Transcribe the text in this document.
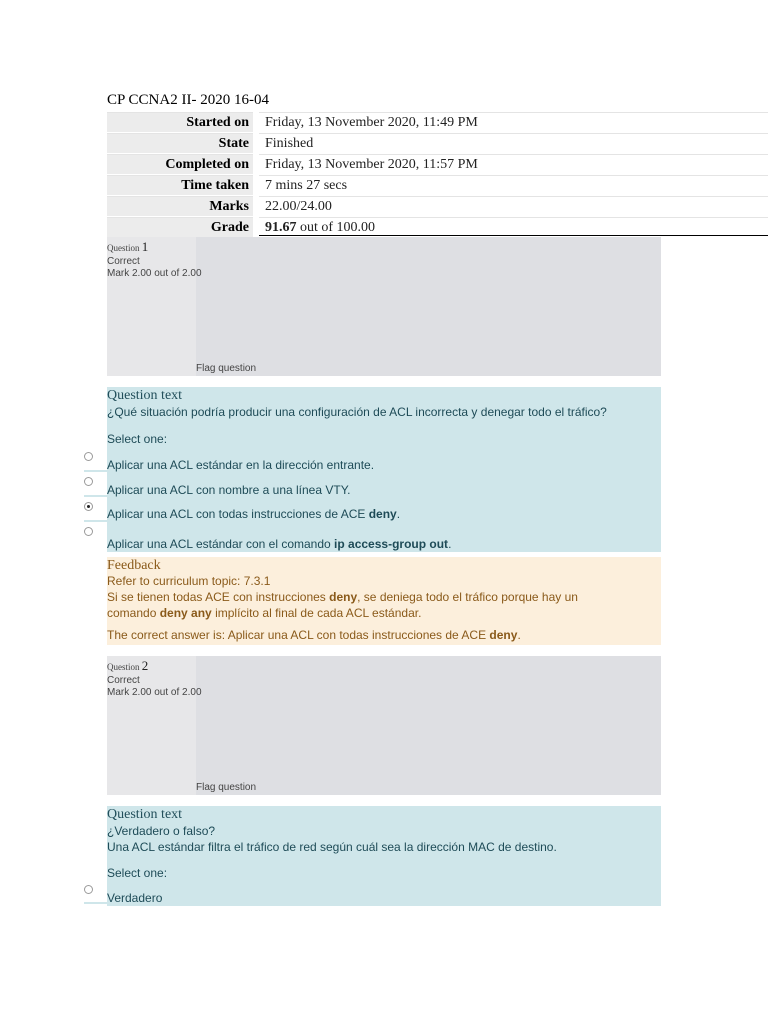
CP CCNA2 II- 2020 16-04
Started on	Friday, 13 November 2020, 11:49 PM
State	Finished
Completed on	Friday, 13 November 2020, 11:57 PM
Time taken	7 mins 27 secs
Marks	22.00/24.00
Grade	91.67 out of 100.00
Question 1
Correct
Mark 2.00 out of 2.00
Flag question
Question text
¿Qué situación podría producir una configuración de ACL incorrecta y denegar todo el tráfico?
Select one:
Aplicar una ACL estándar en la dirección entrante.
Aplicar una ACL con nombre a una línea VTY.
Aplicar una ACL con todas instrucciones de ACE deny.
Aplicar una ACL estándar con el comando ip access-group out.
Feedback
Refer to curriculum topic: 7.3.1
Si se tienen todas ACE con instrucciones deny, se deniega todo el tráfico porque hay un
comando deny any implícito al final de cada ACL estándar.
The correct answer is: Aplicar una ACL con todas instrucciones de ACE deny.
Question 2
Correct
Mark 2.00 out of 2.00
Flag question
Question text
¿Verdadero o falso?
Una ACL estándar filtra el tráfico de red según cuál sea la dirección MAC de destino.
Select one:
Verdadero
